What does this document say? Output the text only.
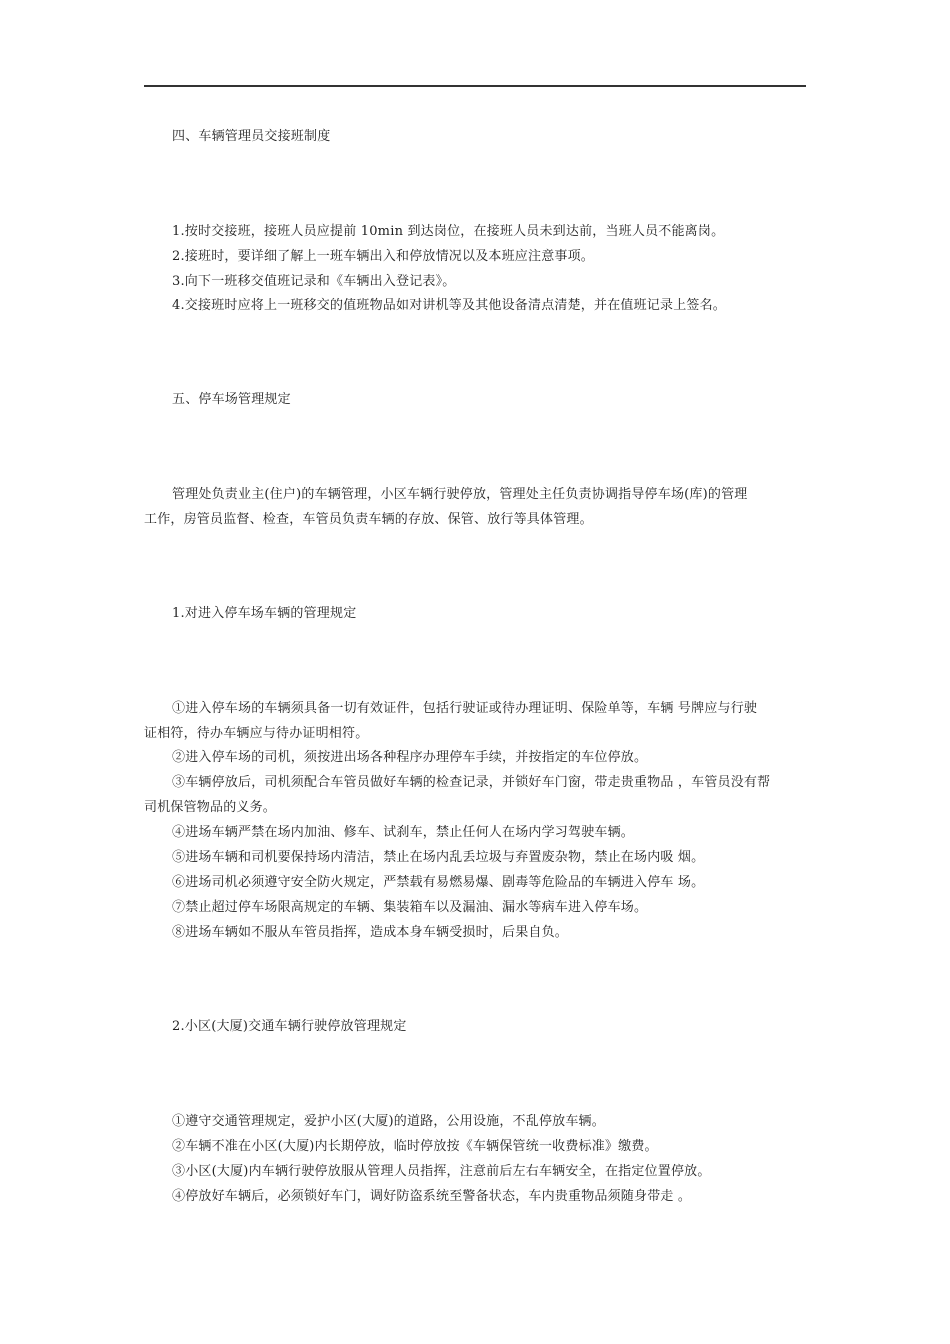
四、车辆管理员交接班制度
1.按时交接班，接班人员应提前 10min 到达岗位，在接班人员未到达前，当班人员不能离岗。
2.接班时，要详细了解上一班车辆出入和停放情况以及本班应注意事项。
3.向下一班移交值班记录和《车辆出入登记表》。
4.交接班时应将上一班移交的值班物品如对讲机等及其他设备清点清楚，并在值班记录上签名。
五、停车场管理规定
管理处负责业主(住户)的车辆管理，小区车辆行驶停放，管理处主任负责协调指导停车场(库)的管理
工作，房管员监督、检查，车管员负责车辆的存放、保管、放行等具体管理。
1.对进入停车场车辆的管理规定
①进入停车场的车辆须具备一切有效证件，包括行驶证或待办理证明、保险单等，车辆 号牌应与行驶
证相符，待办车辆应与待办证明相符。
②进入停车场的司机，须按进出场各种程序办理停车手续，并按指定的车位停放。
③车辆停放后，司机须配合车管员做好车辆的检查记录，并锁好车门窗，带走贵重物品 ，车管员没有帮
司机保管物品的义务。
④进场车辆严禁在场内加油、修车、试刹车，禁止任何人在场内学习驾驶车辆。
⑤进场车辆和司机要保持场内清洁，禁止在场内乱丢垃圾与弃置废杂物，禁止在场内吸 烟。
⑥进场司机必须遵守安全防火规定，严禁载有易燃易爆、剧毒等危险品的车辆进入停车 场。
⑦禁止超过停车场限高规定的车辆、集装箱车以及漏油、漏水等病车进入停车场。
⑧进场车辆如不服从车管员指挥，造成本身车辆受损时，后果自负。
2.小区(大厦)交通车辆行驶停放管理规定
①遵守交通管理规定，爱护小区(大厦)的道路，公用设施，不乱停放车辆。
②车辆不准在小区(大厦)内长期停放，临时停放按《车辆保管统一收费标准》缴费。
③小区(大厦)内车辆行驶停放服从管理人员指挥，注意前后左右车辆安全，在指定位置停放。
④停放好车辆后，必须锁好车门，调好防盗系统至警备状态，车内贵重物品须随身带走 。
